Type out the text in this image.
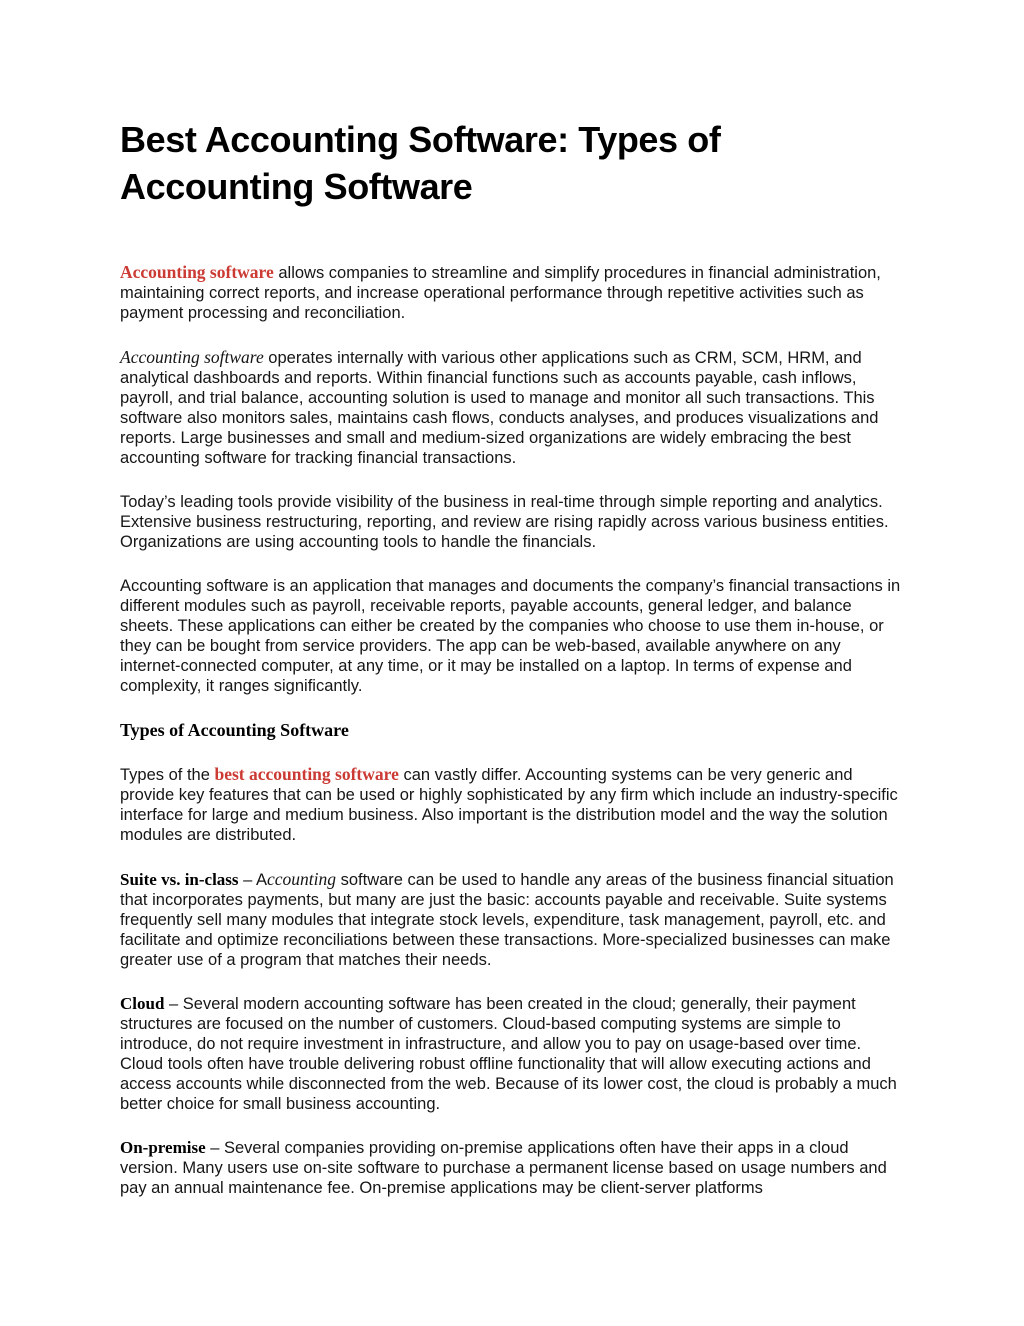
Best Accounting Software: Types of Accounting Software

Accounting software allows companies to streamline and simplify procedures in financial administration, maintaining correct reports, and increase operational performance through repetitive activities such as payment processing and reconciliation.

Accounting software operates internally with various other applications such as CRM, SCM, HRM, and analytical dashboards and reports. Within financial functions such as accounts payable, cash inflows, payroll, and trial balance, accounting solution is used to manage and monitor all such transactions. This software also monitors sales, maintains cash flows, conducts analyses, and produces visualizations and reports. Large businesses and small and medium-sized organizations are widely embracing the best accounting software for tracking financial transactions.

Today’s leading tools provide visibility of the business in real-time through simple reporting and analytics. Extensive business restructuring, reporting, and review are rising rapidly across various business entities. Organizations are using accounting tools to handle the financials.

Accounting software is an application that manages and documents the company’s financial transactions in different modules such as payroll, receivable reports, payable accounts, general ledger, and balance sheets. These applications can either be created by the companies who choose to use them in-house, or they can be bought from service providers. The app can be web-based, available anywhere on any internet-connected computer, at any time, or it may be installed on a laptop. In terms of expense and complexity, it ranges significantly.

Types of Accounting Software

Types of the best accounting software can vastly differ. Accounting systems can be very generic and provide key features that can be used or highly sophisticated by any firm which include an industry-specific interface for large and medium business. Also important is the distribution model and the way the solution modules are distributed.

Suite vs. in-class – Accounting software can be used to handle any areas of the business financial situation that incorporates payments, but many are just the basic: accounts payable and receivable. Suite systems frequently sell many modules that integrate stock levels, expenditure, task management, payroll, etc. and facilitate and optimize reconciliations between these transactions. More-specialized businesses can make greater use of a program that matches their needs.

Cloud – Several modern accounting software has been created in the cloud; generally, their payment structures are focused on the number of customers. Cloud-based computing systems are simple to introduce, do not require investment in infrastructure, and allow you to pay on usage-based over time. Cloud tools often have trouble delivering robust offline functionality that will allow executing actions and access accounts while disconnected from the web. Because of its lower cost, the cloud is probably a much better choice for small business accounting.

On-premise – Several companies providing on-premise applications often have their apps in a cloud version. Many users use on-site software to purchase a permanent license based on usage numbers and pay an annual maintenance fee. On-premise applications may be client-server platforms
